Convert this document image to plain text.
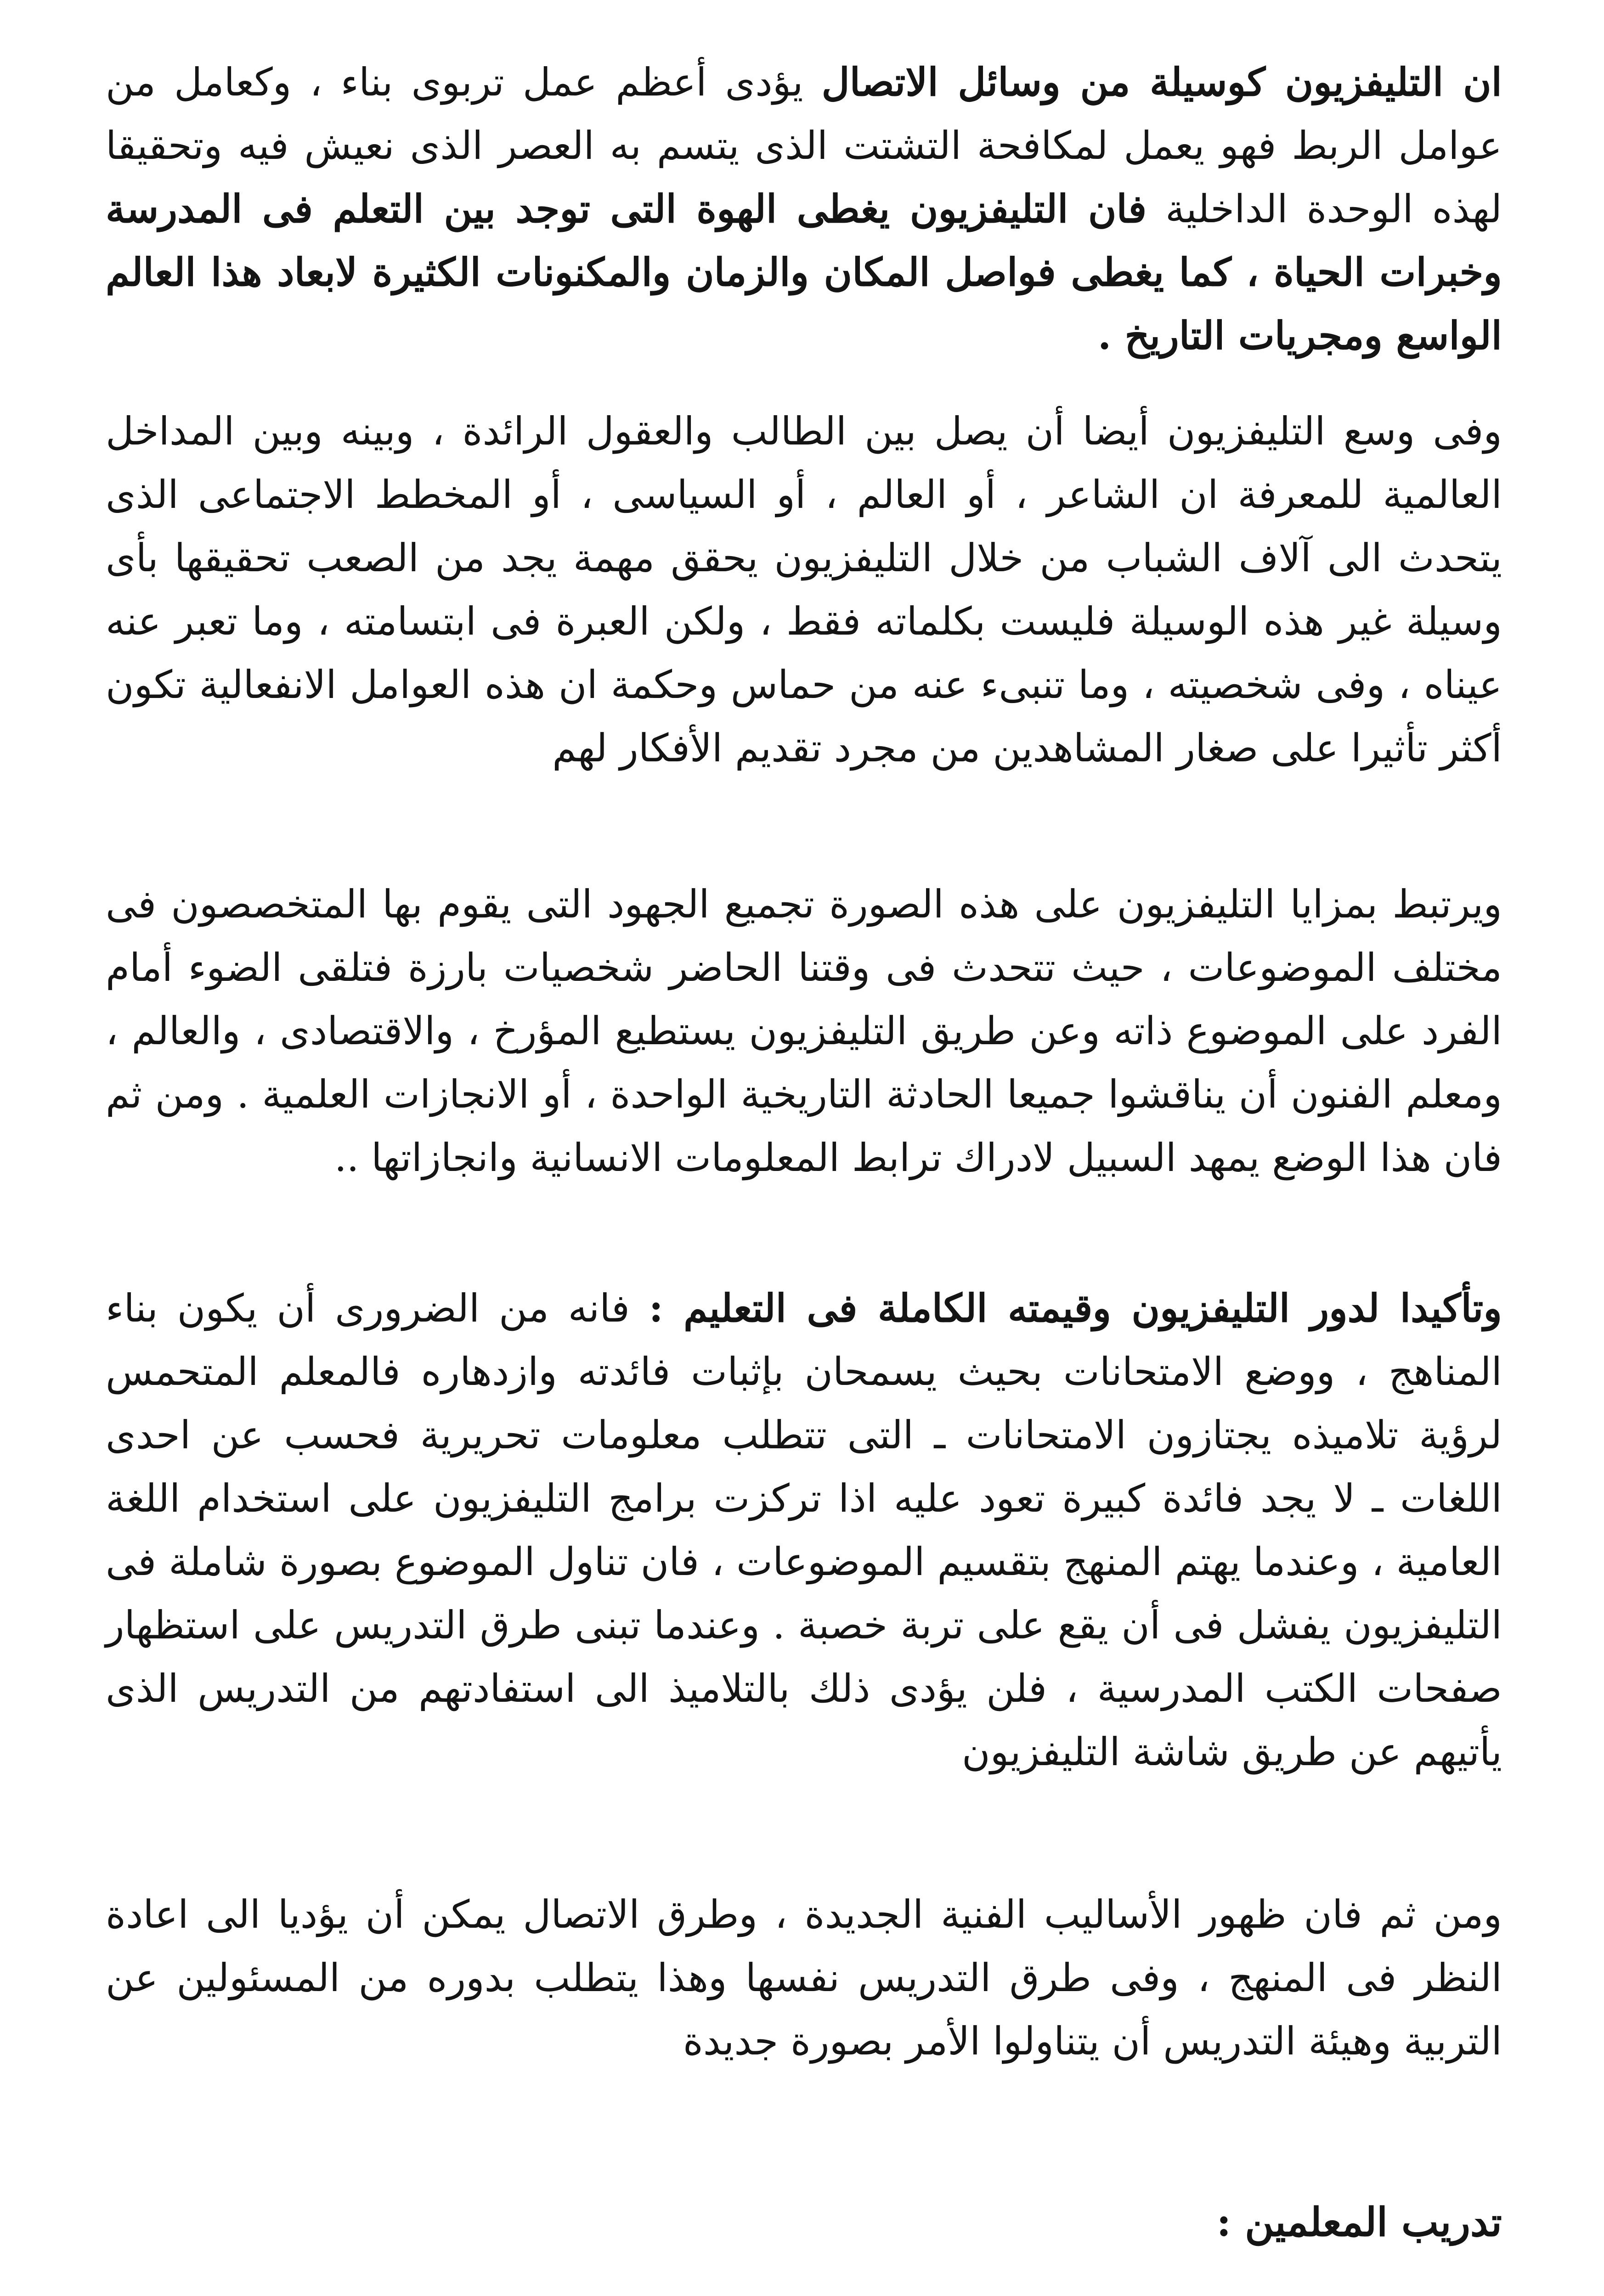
ان التليفزيون كوسيلة من وسائل الاتصال يؤدى أعظم عمل تربوى بناء ، وكعامل من عوامل الربط فهو يعمل لمكافحة التشتت الذى يتسم به العصر الذى نعيش فيه وتحقيقا لهذه الوحدة الداخلية فان التليفزيون يغطى الهوة التى توجد بين التعلم فى المدرسة وخبرات الحياة ، كما يغطى فواصل المكان والزمان والمكنونات الكثيرة لابعاد هذا العالم الواسع ومجريات التاريخ .
وفى وسع التليفزيون أيضا أن يصل بين الطالب والعقول الرائدة ، وبينه وبين المداخل العالمية للمعرفة ان الشاعر ، أو العالم ، أو السياسى ، أو المخطط الاجتماعى الذى يتحدث الى آلاف الشباب من خلال التليفزيون يحقق مهمة يجد من الصعب تحقيقها بأى وسيلة غير هذه الوسيلة فليست بكلماته فقط ، ولكن العبرة فى ابتسامته ، وما تعبر عنه عيناه ، وفى شخصيته ، وما تنبىء عنه من حماس وحكمة ان هذه العوامل الانفعالية تكون أكثر تأثيرا على صغار المشاهدين من مجرد تقديم الأفكار لهم
ويرتبط بمزايا التليفزيون على هذه الصورة تجميع الجهود التى يقوم بها المتخصصون فى مختلف الموضوعات ، حيث تتحدث فى وقتنا الحاضر شخصيات بارزة فتلقى الضوء أمام الفرد على الموضوع ذاته وعن طريق التليفزيون يستطيع المؤرخ ، والاقتصادى ، والعالم ، ومعلم الفنون أن يناقشوا جميعا الحادثة التاريخية الواحدة ، أو الانجازات العلمية . ومن ثم فان هذا الوضع يمهد السبيل لادراك ترابط المعلومات الانسانية وانجازاتها ..
وتأكيدا لدور التليفزيون وقيمته الكاملة فى التعليم : فانه من الضرورى أن يكون بناء المناهج ، ووضع الامتحانات بحيث يسمحان بإثبات فائدته وازدهاره فالمعلم المتحمس لرؤية تلاميذه يجتازون الامتحانات ـ التى تتطلب معلومات تحريرية فحسب عن احدى اللغات ـ لا يجد فائدة كبيرة تعود عليه اذا تركزت برامج التليفزيون على استخدام اللغة العامية ، وعندما يهتم المنهج بتقسيم الموضوعات ، فان تناول الموضوع بصورة شاملة فى التليفزيون يفشل فى أن يقع على تربة خصبة . وعندما تبنى طرق التدريس على استظهار صفحات الكتب المدرسية ، فلن يؤدى ذلك بالتلاميذ الى استفادتهم من التدريس الذى يأتيهم عن طريق شاشة التليفزيون
ومن ثم فان ظهور الأساليب الفنية الجديدة ، وطرق الاتصال يمكن أن يؤديا الى اعادة النظر فى المنهج ، وفى طرق التدريس نفسها وهذا يتطلب بدوره من المسئولين عن التربية وهيئة التدريس أن يتناولوا الأمر بصورة جديدة
تدريب المعلمين :
